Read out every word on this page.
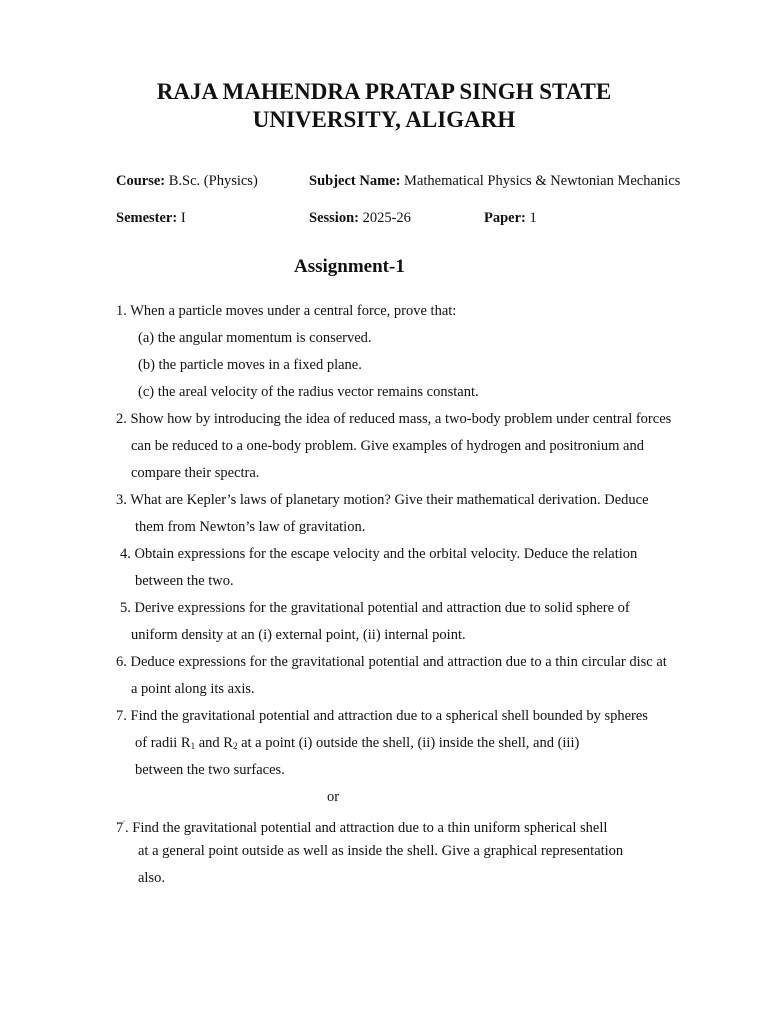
RAJA MAHENDRA PRATAP SINGH STATE
UNIVERSITY, ALIGARH
Course: B.Sc. (Physics)	Subject Name: Mathematical Physics & Newtonian Mechanics
Semester: I	Session: 2025-26	Paper: 1
Assignment-1
1. When a particle moves under a central force, prove that:
(a) the angular momentum is conserved.
(b) the particle moves in a fixed plane.
(c) the areal velocity of the radius vector remains constant.
2. Show how by introducing the idea of reduced mass, a two-body problem under central forces
can be reduced to a one-body problem. Give examples of hydrogen and positronium and
compare their spectra.
3. What are Kepler’s laws of planetary motion? Give their mathematical derivation. Deduce
them from Newton’s law of gravitation.
4. Obtain expressions for the escape velocity and the orbital velocity. Deduce the relation
between the two.
5. Derive expressions for the gravitational potential and attraction due to solid sphere of
uniform density at an (i) external point, (ii) internal point.
6. Deduce expressions for the gravitational potential and attraction due to a thin circular disc at
a point along its axis.
7. Find the gravitational potential and attraction due to a spherical shell bounded by spheres
of radii $R_1$ and $R_2$ at a point (i) outside the shell, (ii) inside the shell, and (iii)
between the two surfaces.
or
7′. Find the gravitational potential and attraction due to a thin uniform spherical shell
at a general point outside as well as inside the shell. Give a graphical representation
also.
